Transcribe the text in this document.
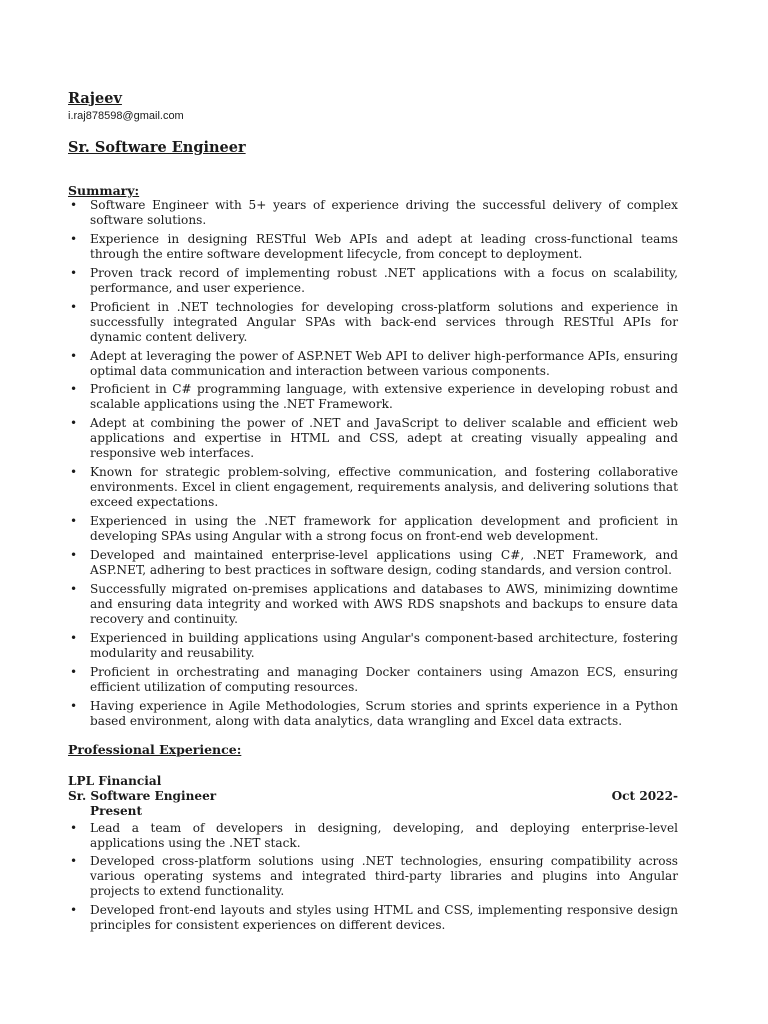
Rajeev

i.raj878598@gmail.com

Sr. Software Engineer

Summary:

• Software Engineer with 5+ years of experience driving the successful delivery of complex software solutions.
• Experience in designing RESTful Web APIs and adept at leading cross-functional teams through the entire software development lifecycle, from concept to deployment.
• Proven track record of implementing robust .NET applications with a focus on scalability, performance, and user experience.
• Proficient in .NET technologies for developing cross-platform solutions and experience in successfully integrated Angular SPAs with back-end services through RESTful APIs for dynamic content delivery.
• Adept at leveraging the power of ASP.NET Web API to deliver high-performance APIs, ensuring optimal data communication and interaction between various components.
• Proficient in C# programming language, with extensive experience in developing robust and scalable applications using the .NET Framework.
• Adept at combining the power of .NET and JavaScript to deliver scalable and efficient web applications and expertise in HTML and CSS, adept at creating visually appealing and responsive web interfaces.
• Known for strategic problem-solving, effective communication, and fostering collaborative environments. Excel in client engagement, requirements analysis, and delivering solutions that exceed expectations.
• Experienced in using the .NET framework for application development and proficient in developing SPAs using Angular with a strong focus on front-end web development.
• Developed and maintained enterprise-level applications using C#, .NET Framework, and ASP.NET, adhering to best practices in software design, coding standards, and version control.
• Successfully migrated on-premises applications and databases to AWS, minimizing downtime and ensuring data integrity and worked with AWS RDS snapshots and backups to ensure data recovery and continuity.
• Experienced in building applications using Angular's component-based architecture, fostering modularity and reusability.
• Proficient in orchestrating and managing Docker containers using Amazon ECS, ensuring efficient utilization of computing resources.
• Having experience in Agile Methodologies, Scrum stories and sprints experience in a Python based environment, along with data analytics, data wrangling and Excel data extracts.

Professional Experience:

LPL Financial

Sr. Software Engineer	Oct 2022-
Present
• Lead a team of developers in designing, developing, and deploying enterprise-level applications using the .NET stack.
• Developed cross-platform solutions using .NET technologies, ensuring compatibility across various operating systems and integrated third-party libraries and plugins into Angular projects to extend functionality.
• Developed front-end layouts and styles using HTML and CSS, implementing responsive design principles for consistent experiences on different devices.
